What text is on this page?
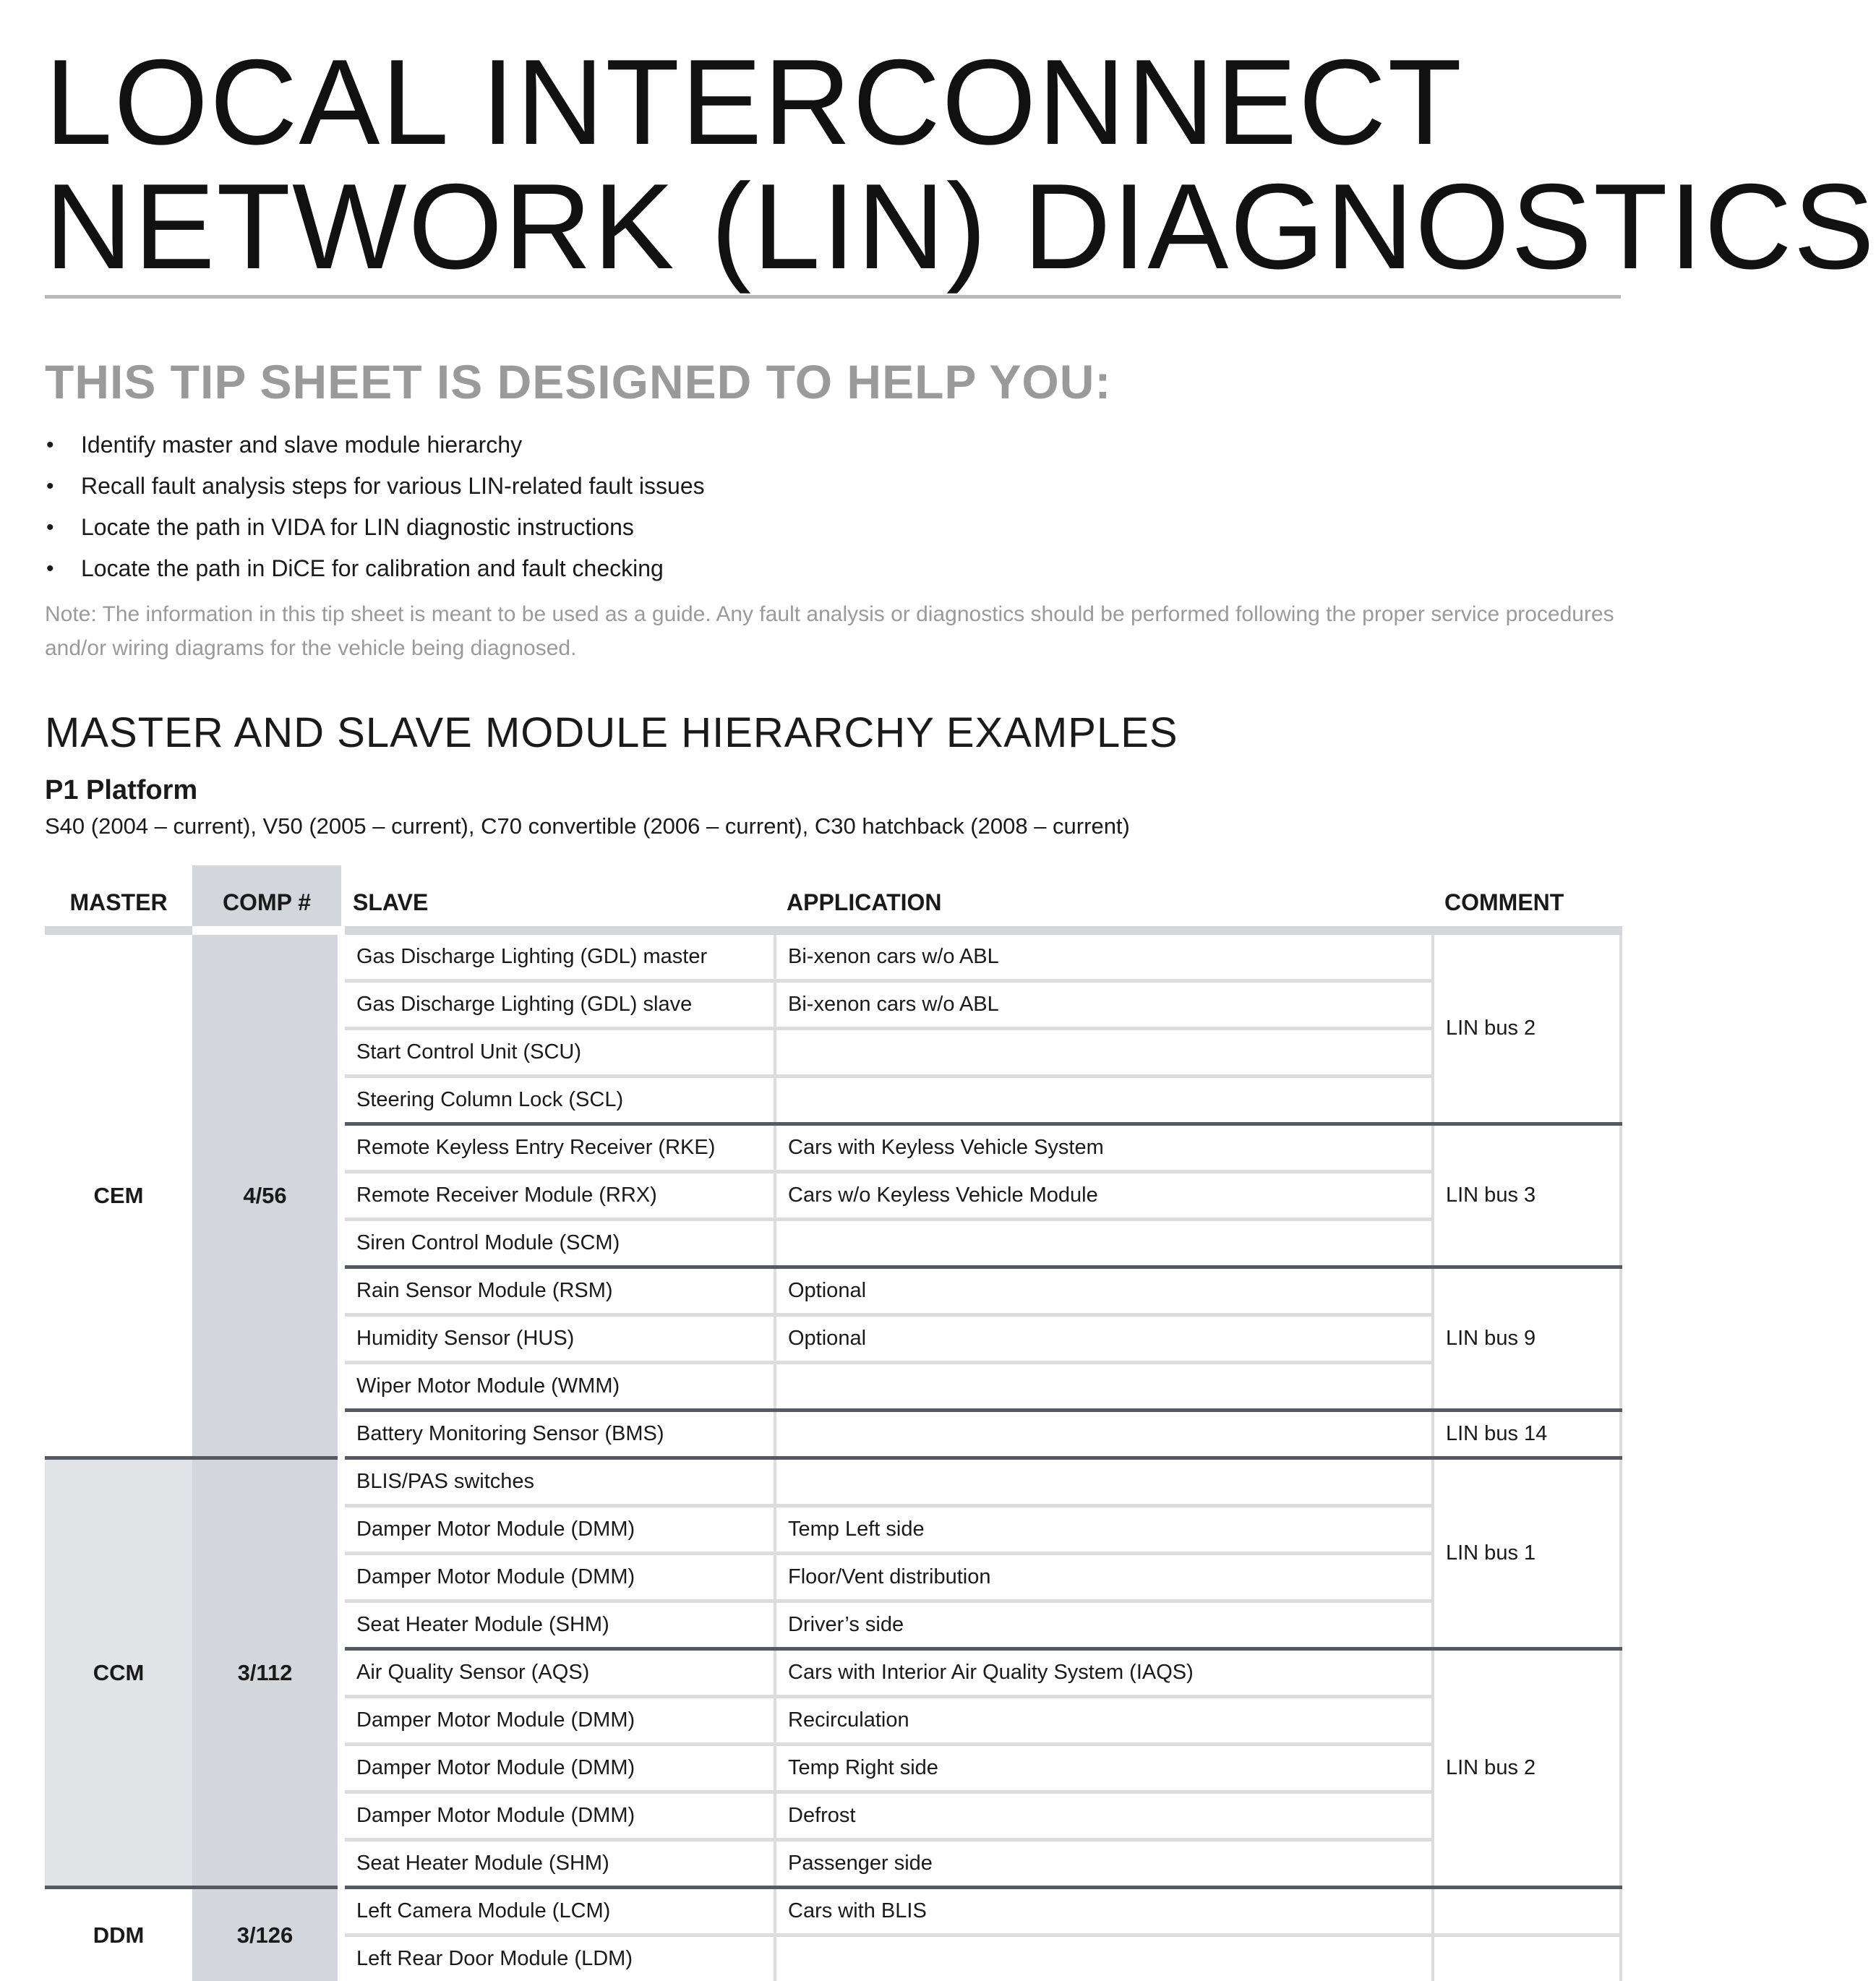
LOCAL INTERCONNECT
NETWORK (LIN) DIAGNOSTICS
THIS TIP SHEET IS DESIGNED TO HELP YOU:
• Identify master and slave module hierarchy
• Recall fault analysis steps for various LIN-related fault issues
• Locate the path in VIDA for LIN diagnostic instructions
• Locate the path in DiCE for calibration and fault checking

Note: The information in this tip sheet is meant to be used as a guide. Any fault analysis or diagnostics should be performed following the proper service procedures and/or wiring diagrams for the vehicle being diagnosed.

MASTER AND SLAVE MODULE HIERARCHY EXAMPLES
P1 Platform

S40 (2004 – current), V50 (2005 – current), C70 convertible (2006 – current), C30 hatchback (2008 – current)

MASTER	COMP #	SLAVE	APPLICATION	COMMENT
CEM	4/56	Gas Discharge Lighting (GDL) master	Bi-xenon cars w/o ABL	LIN bus 2
		Gas Discharge Lighting (GDL) slave	Bi-xenon cars w/o ABL	
		Start Control Unit (SCU)		
		Steering Column Lock (SCL)		
		Remote Keyless Entry Receiver (RKE)	Cars with Keyless Vehicle System	LIN bus 3
		Remote Receiver Module (RRX)	Cars w/o Keyless Vehicle Module	
		Siren Control Module (SCM)		
		Rain Sensor Module (RSM)	Optional	LIN bus 9
		Humidity Sensor (HUS)	Optional	
		Wiper Motor Module (WMM)		
		Battery Monitoring Sensor (BMS)		LIN bus 14
CCM	3/112	BLIS/PAS switches		LIN bus 1
		Damper Motor Module (DMM)	Temp Left side	
		Damper Motor Module (DMM)	Floor/Vent distribution	
		Seat Heater Module (SHM)	Driver’s side	
		Air Quality Sensor (AQS)	Cars with Interior Air Quality System (IAQS)	LIN bus 2
		Damper Motor Module (DMM)	Recirculation	
		Damper Motor Module (DMM)	Temp Right side	
		Damper Motor Module (DMM)	Defrost	
		Seat Heater Module (SHM)	Passenger side	
DDM	3/126	Left Camera Module (LCM)	Cars with BLIS	
		Left Rear Door Module (LDM)		
